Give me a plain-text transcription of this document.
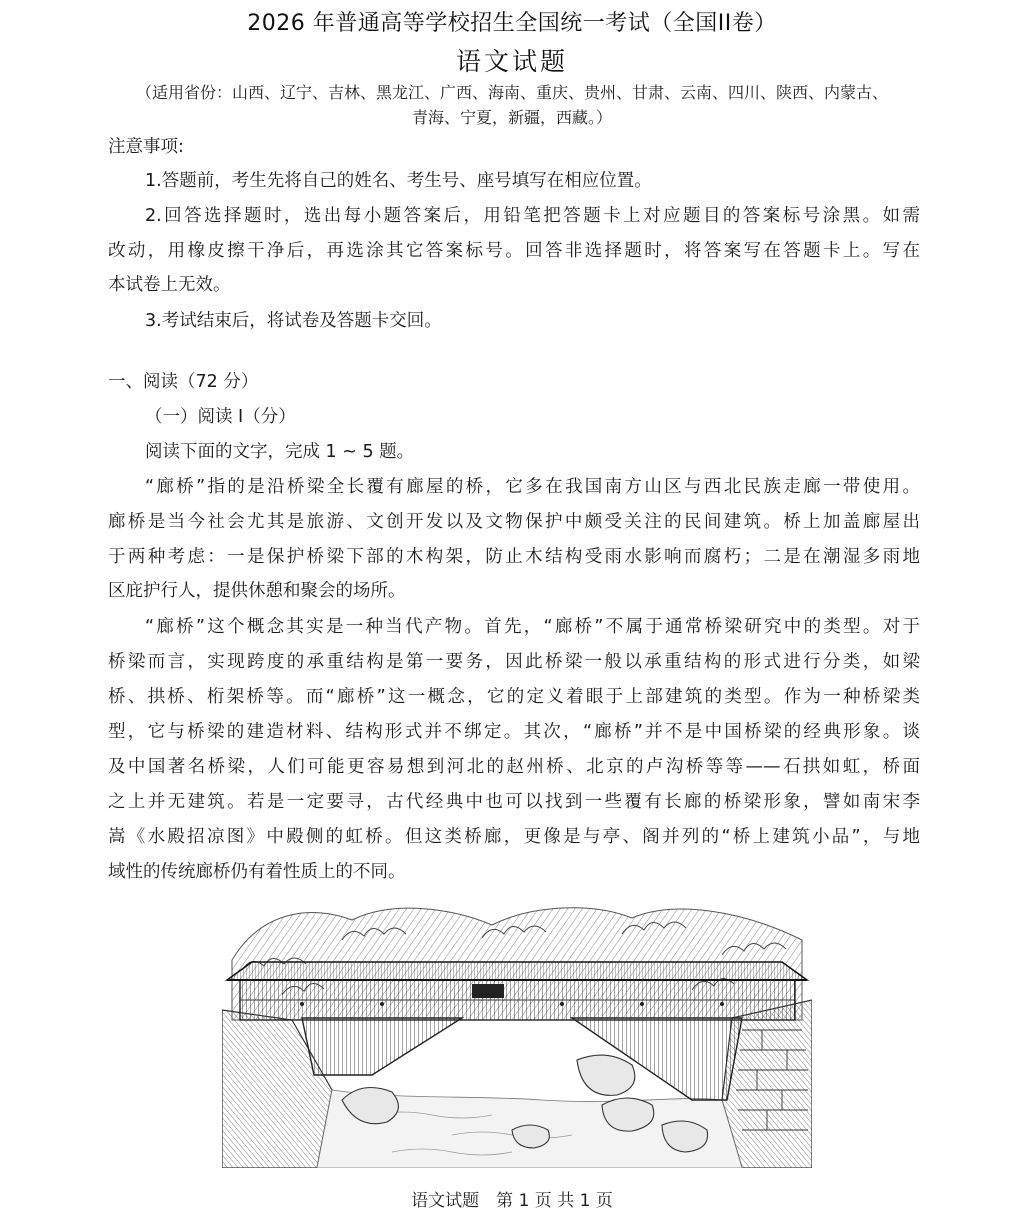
2026 年普通高等学校招生全国统一考试（全国II卷）
语文试题
（适用省份：山西、辽宁、吉林、黑龙江、广西、海南、重庆、贵州、甘肃、云南、四川、陕西、内蒙古、
青海、宁夏，新疆，西藏。）
注意事项:
1.答题前，考生先将自己的姓名、考生号、座号填写在相应位置。
2.回答选择题时，选出每小题答案后，用铅笔把答题卡上对应题目的答案标号涂黑。如需
改动，用橡皮擦干净后，再选涂其它答案标号。回答非选择题时，将答案写在答题卡上。写在
本试卷上无效。
3.考试结束后，将试卷及答题卡交回。
一、阅读（72 分）
（一）阅读 I（分）
阅读下面的文字，完成 1 ~ 5 题。
“廊桥”指的是沿桥梁全长覆有廊屋的桥，它多在我国南方山区与西北民族走廊一带使用。
廊桥是当今社会尤其是旅游、文创开发以及文物保护中颇受关注的民间建筑。桥上加盖廊屋出
于两种考虑：一是保护桥梁下部的木构架，防止木结构受雨水影响而腐朽；二是在潮湿多雨地
区庇护行人，提供休憩和聚会的场所。
“廊桥”这个概念其实是一种当代产物。首先，“廊桥”不属于通常桥梁研究中的类型。对于
桥梁而言，实现跨度的承重结构是第一要务，因此桥梁一般以承重结构的形式进行分类，如梁
桥、拱桥、桁架桥等。而“廊桥”这一概念，它的定义着眼于上部建筑的类型。作为一种桥梁类
型，它与桥梁的建造材料、结构形式并不绑定。其次，“廊桥”并不是中国桥梁的经典形象。谈
及中国著名桥梁，人们可能更容易想到河北的赵州桥、北京的卢沟桥等等——石拱如虹，桥面
之上并无建筑。若是一定要寻，古代经典中也可以找到一些覆有长廊的桥梁形象，譬如南宋李
嵩《水殿招凉图》中殿侧的虹桥。但这类桥廊，更像是与亭、阁并列的“桥上建筑小品”，与地
域性的传统廊桥仍有着性质上的不同。
语文试题　第 1 页 共 1 页
